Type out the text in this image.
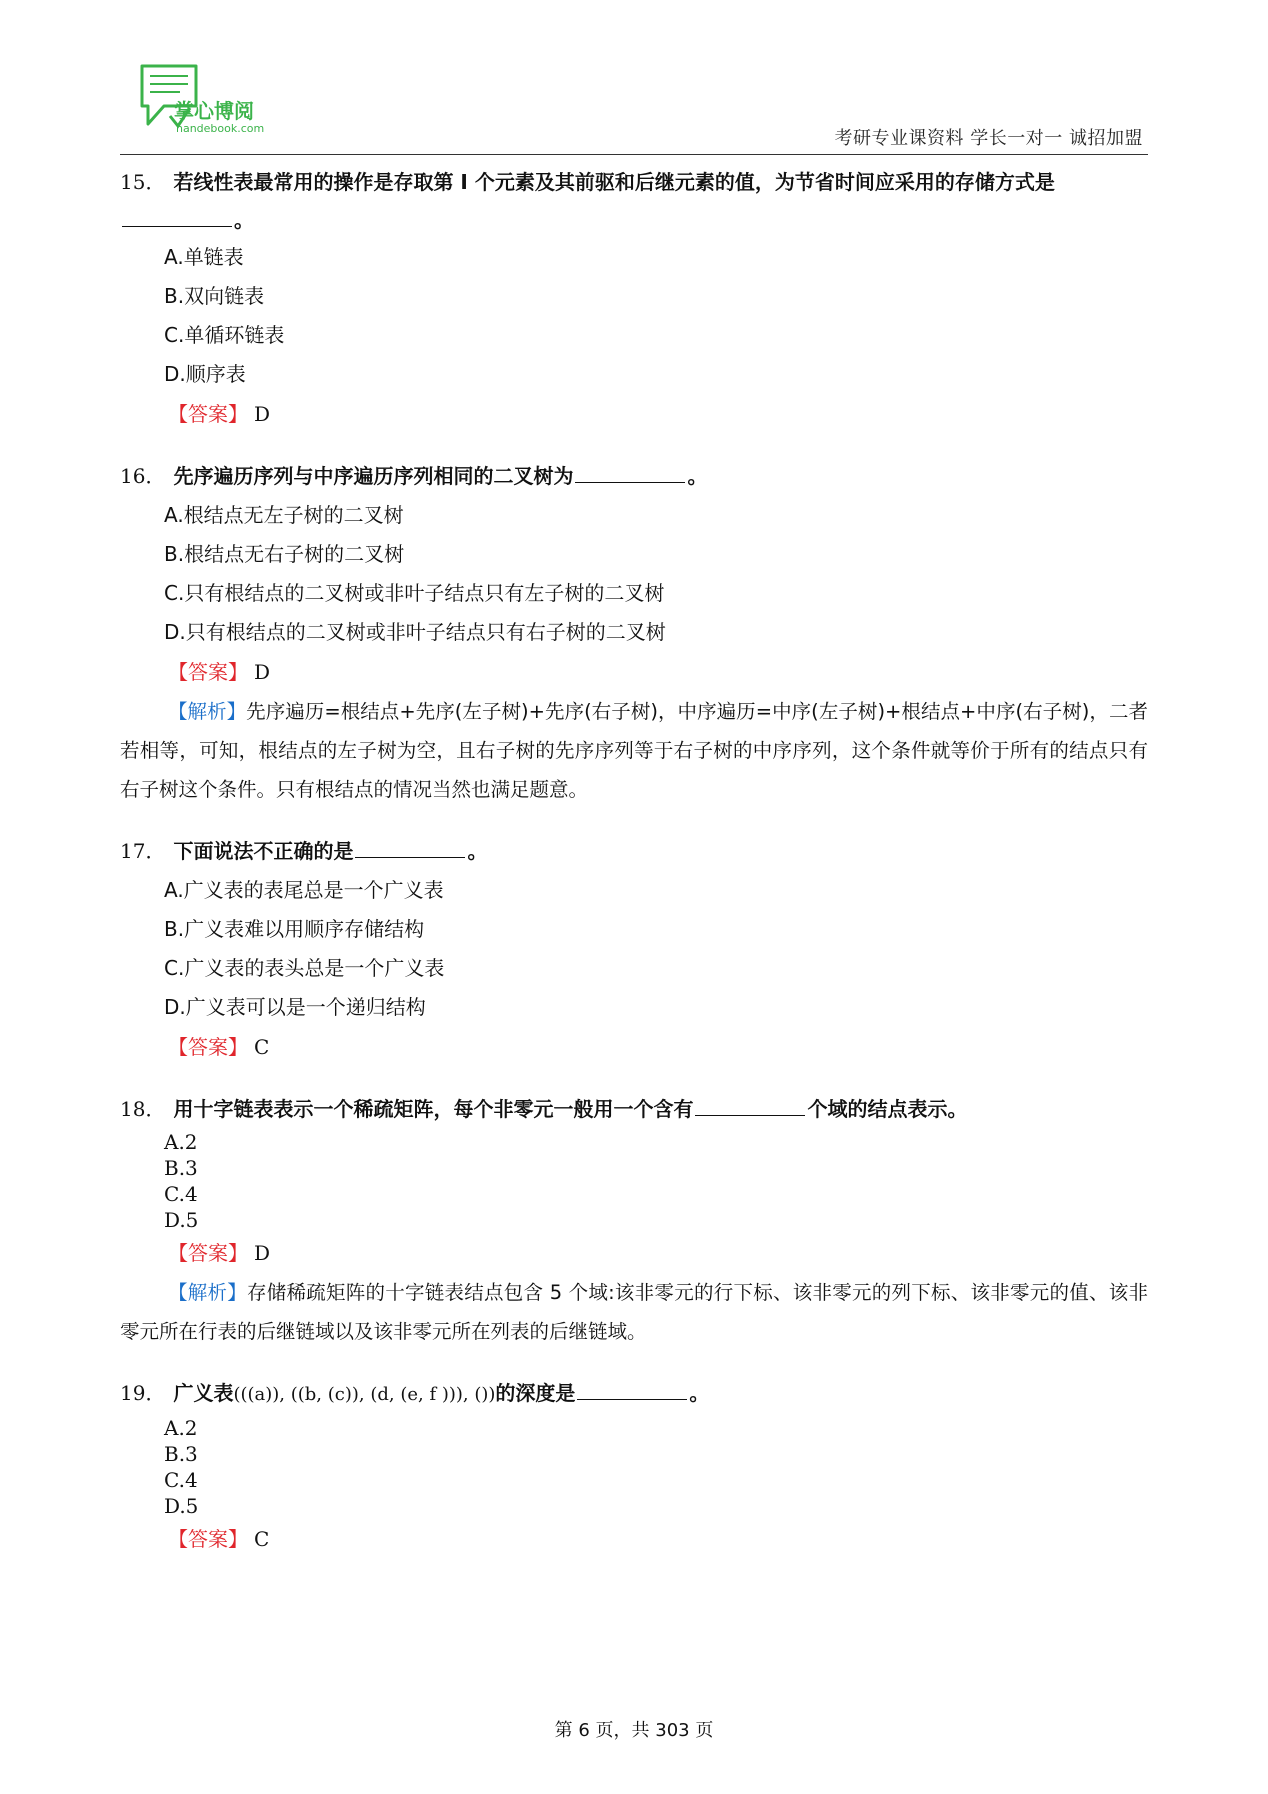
掌心博阅
handebook.com	考研专业课资料 学长一对一 诚招加盟
15． 若线性表最常用的操作是存取第 I 个元素及其前驱和后继元素的值，为节省时间应采用的存储方式是
。
A.单链表
B.双向链表
C.单循环链表
D.顺序表
【答案】 D
16． 先序遍历序列与中序遍历序列相同的二叉树为	。
A.根结点无左子树的二叉树
B.根结点无右子树的二叉树
C.只有根结点的二叉树或非叶子结点只有左子树的二叉树
D.只有根结点的二叉树或非叶子结点只有右子树的二叉树
【答案】 D

【解析】先序遍历=根结点+先序(左子树)+先序(右子树)，中序遍历=中序(左子树)+根结点+中序(右子树)，二者若相等，可知，根结点的左子树为空，且右子树的先序序列等于右子树的中序序列，这个条件就等价于所有的结点只有右子树这个条件。只有根结点的情况当然也满足题意。

17． 下面说法不正确的是	。
A.广义表的表尾总是一个广义表
B.广义表难以用顺序存储结构
C.广义表的表头总是一个广义表
D.广义表可以是一个递归结构
【答案】 C
18． 用十字链表表示一个稀疏矩阵，每个非零元一般用一个含有	个域的结点表示。
A.2
B.3
C.4
D.5
【答案】 D

【解析】存储稀疏矩阵的十字链表结点包含 5 个域:该非零元的行下标、该非零元的列下标、该非零元的值、该非零元所在行表的后继链域以及该非零元所在列表的后继链域。

19． 广义表(((a)), ((b, (c)), (d, (e, f ))), ())的深度是	。
A.2
B.3
C.4
D.5
【答案】 C
第 6 页，共 303 页
